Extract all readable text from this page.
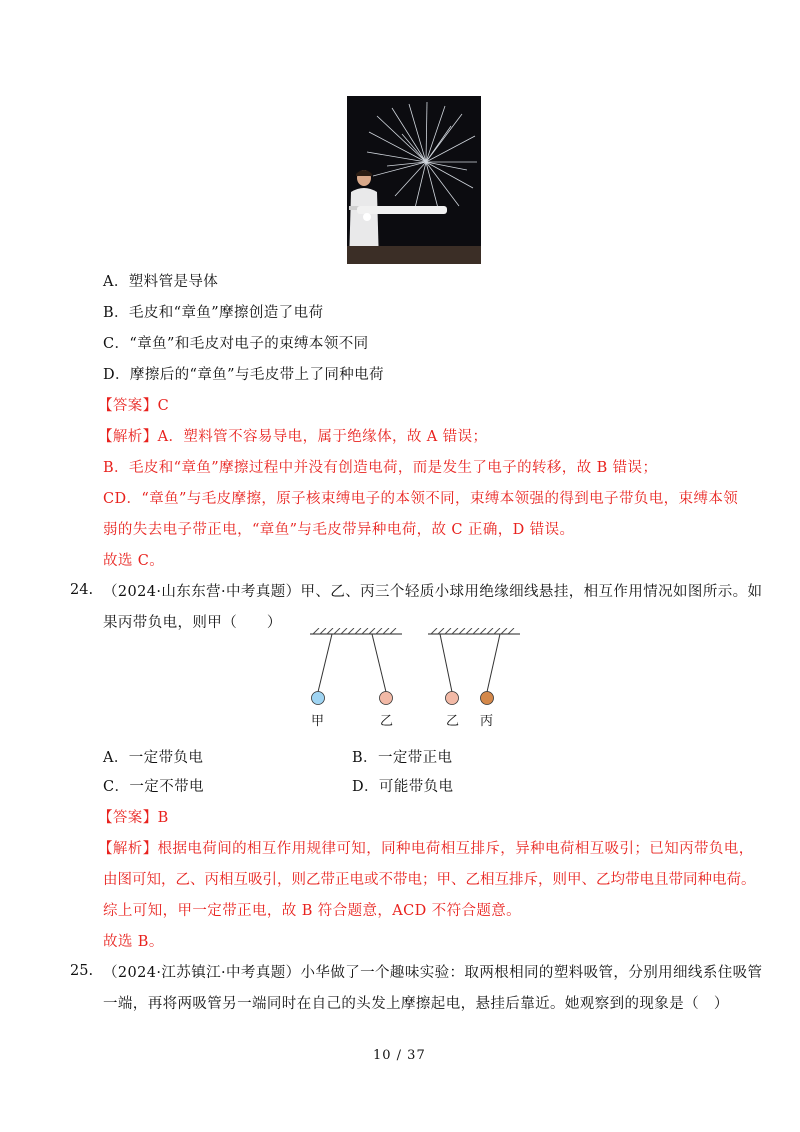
A．塑料管是导体
B．毛皮和“章鱼”摩擦创造了电荷
C．“章鱼”和毛皮对电子的束缚本领不同
D．摩擦后的“章鱼”与毛皮带上了同种电荷
【答案】C
【解析】A．塑料管不容易导电，属于绝缘体，故 A 错误；
B．毛皮和“章鱼”摩擦过程中并没有创造电荷，而是发生了电子的转移，故 B 错误；
CD．“章鱼”与毛皮摩擦，原子核束缚电子的本领不同，束缚本领强的得到电子带负电，束缚本领
弱的失去电子带正电，“章鱼”与毛皮带异种电荷，故 C 正确，D 错误。
故选 C。
24. （2024·山东东营·中考真题）甲、乙、丙三个轻质小球用绝缘细线悬挂，相互作用情况如图所示。如
果丙带负电，则甲（　　）
甲	乙	乙 丙
A．一定带负电	B．一定带正电
C．一定不带电	D．可能带负电
【答案】B
【解析】根据电荷间的相互作用规律可知，同种电荷相互排斥，异种电荷相互吸引；已知丙带负电，
由图可知，乙、丙相互吸引，则乙带正电或不带电；甲、乙相互排斥，则甲、乙均带电且带同种电荷。
综上可知，甲一定带正电，故 B 符合题意，ACD 不符合题意。
故选 B。
25. （2024·江苏镇江·中考真题）小华做了一个趣味实验：取两根相同的塑料吸管，分别用细线系住吸管
一端，再将两吸管另一端同时在自己的头发上摩擦起电，悬挂后靠近。她观察到的现象是（　）
10 / 37
